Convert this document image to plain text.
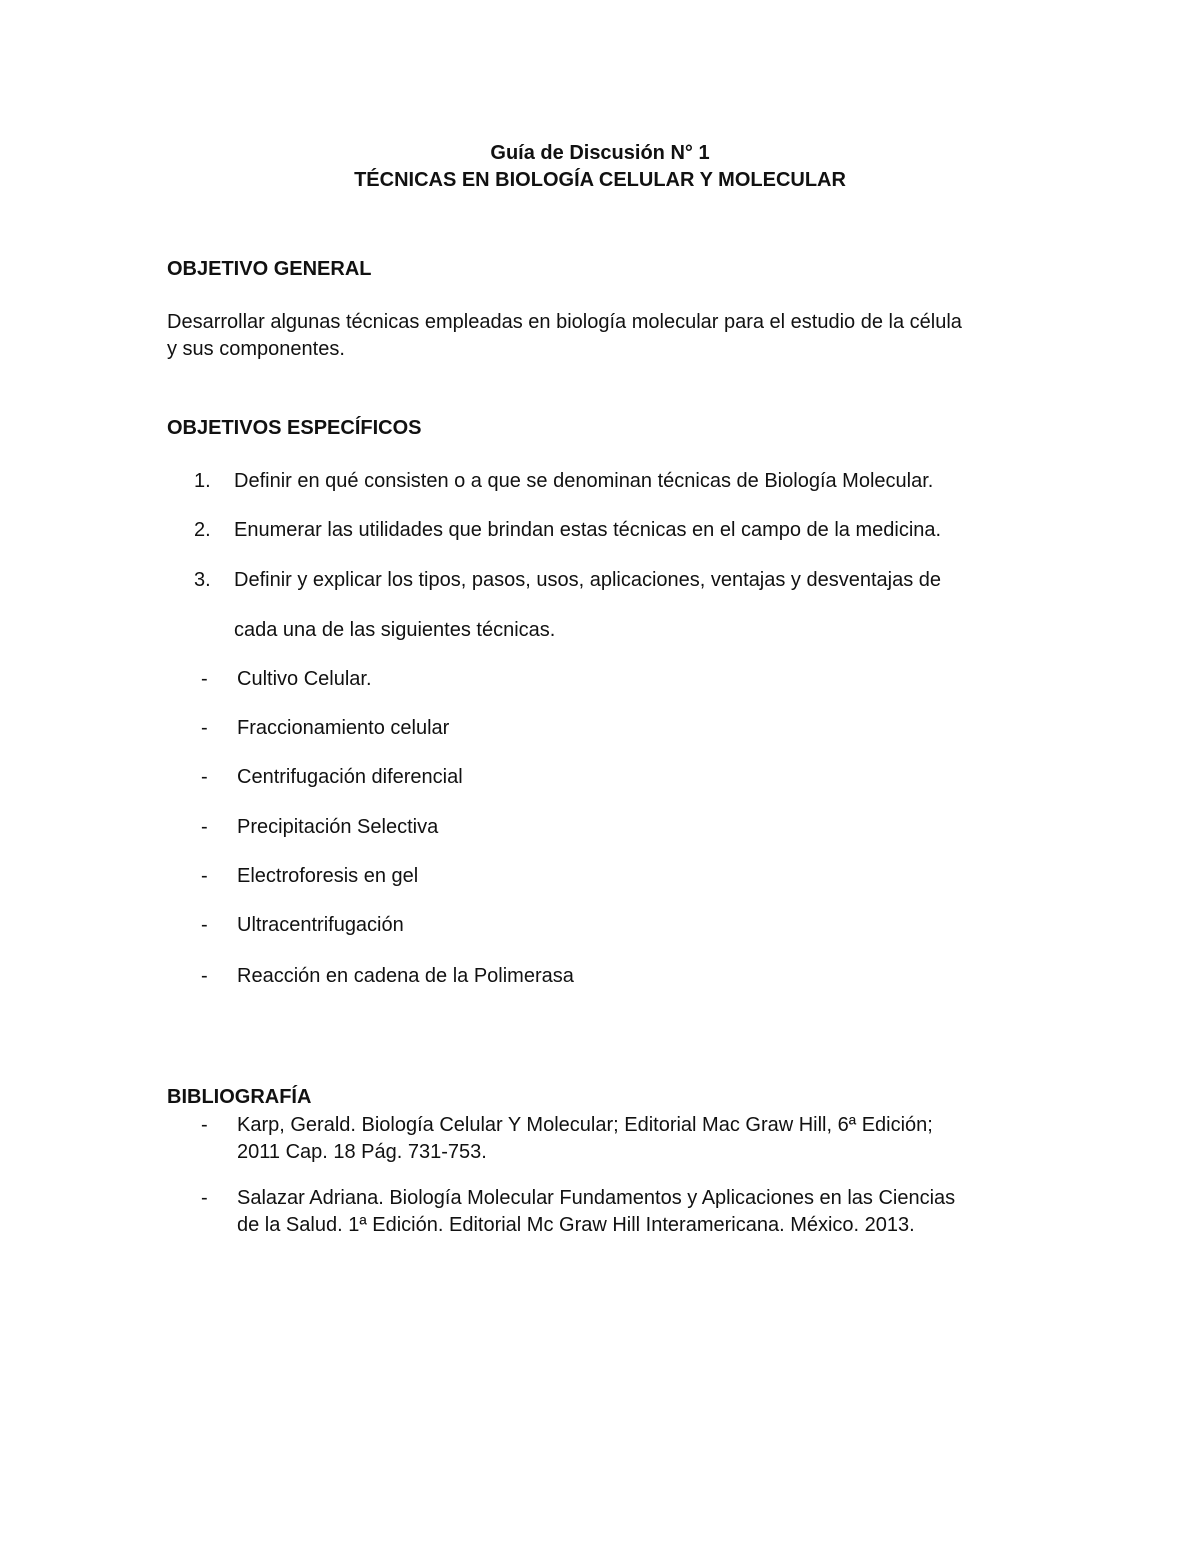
Guía de Discusión N° 1
TÉCNICAS EN BIOLOGÍA CELULAR Y MOLECULAR
OBJETIVO GENERAL
Desarrollar algunas técnicas empleadas en biología molecular para el estudio de la célula
y sus componentes.
OBJETIVOS ESPECÍFICOS
1. Definir en qué consisten o a que se denominan técnicas de Biología Molecular.
2. Enumerar las utilidades que brindan estas técnicas en el campo de la medicina.
3. Definir y explicar los tipos, pasos, usos, aplicaciones, ventajas y desventajas de
cada una de las siguientes técnicas.
- Cultivo Celular.
- Fraccionamiento celular
- Centrifugación diferencial
- Precipitación Selectiva
- Electroforesis en gel
- Ultracentrifugación
- Reacción en cadena de la Polimerasa
BIBLIOGRAFÍA
- Karp, Gerald. Biología Celular Y Molecular; Editorial Mac Graw Hill, 6ª Edición;
2011 Cap. 18 Pág. 731-753.
- Salazar Adriana. Biología Molecular Fundamentos y Aplicaciones en las Ciencias
de la Salud. 1ª Edición. Editorial Mc Graw Hill Interamericana. México. 2013.
